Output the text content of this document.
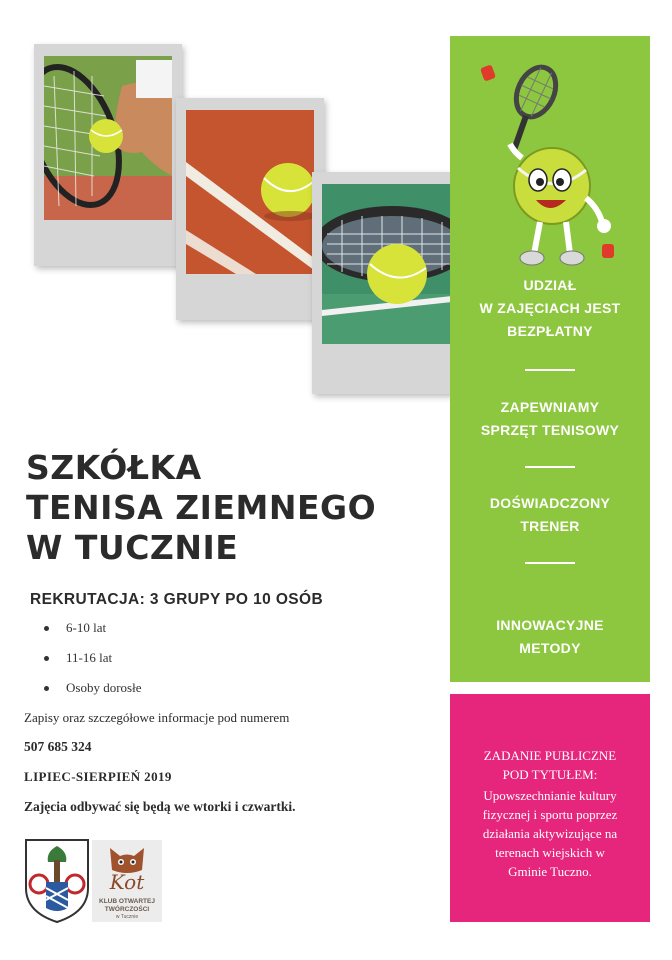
UDZIAŁ
W ZAJĘCIACH JEST
BEZPŁATNY
ZAPEWNIAMY
SPRZĘT TENISOWY
DOŚWIADCZONY
TRENER
INNOWACYJNE
METODY
ZADANIE PUBLICZNE
POD TYTUŁEM:
Upowszechnianie kultury
fizycznej i sportu poprzez
działania aktywizujące na
terenach wiejskich w
Gminie Tuczno.
SZKÓŁKA
TENISA ZIEMNEGO
W TUCZNIE
REKRUTACJA: 3 GRUPY PO 10 OSÓB
6-10 lat
11-16 lat
Osoby dorosłe
Zapisy oraz szczegółowe informacje pod numerem
507 685 324
LIPIEC-SIERPIEŃ 2019
Zajęcia odbywać się będą we wtorki i czwartki.
Kot
KLUB OTWARTEJ
TWÓRCZOŚCI
w Tucznie
